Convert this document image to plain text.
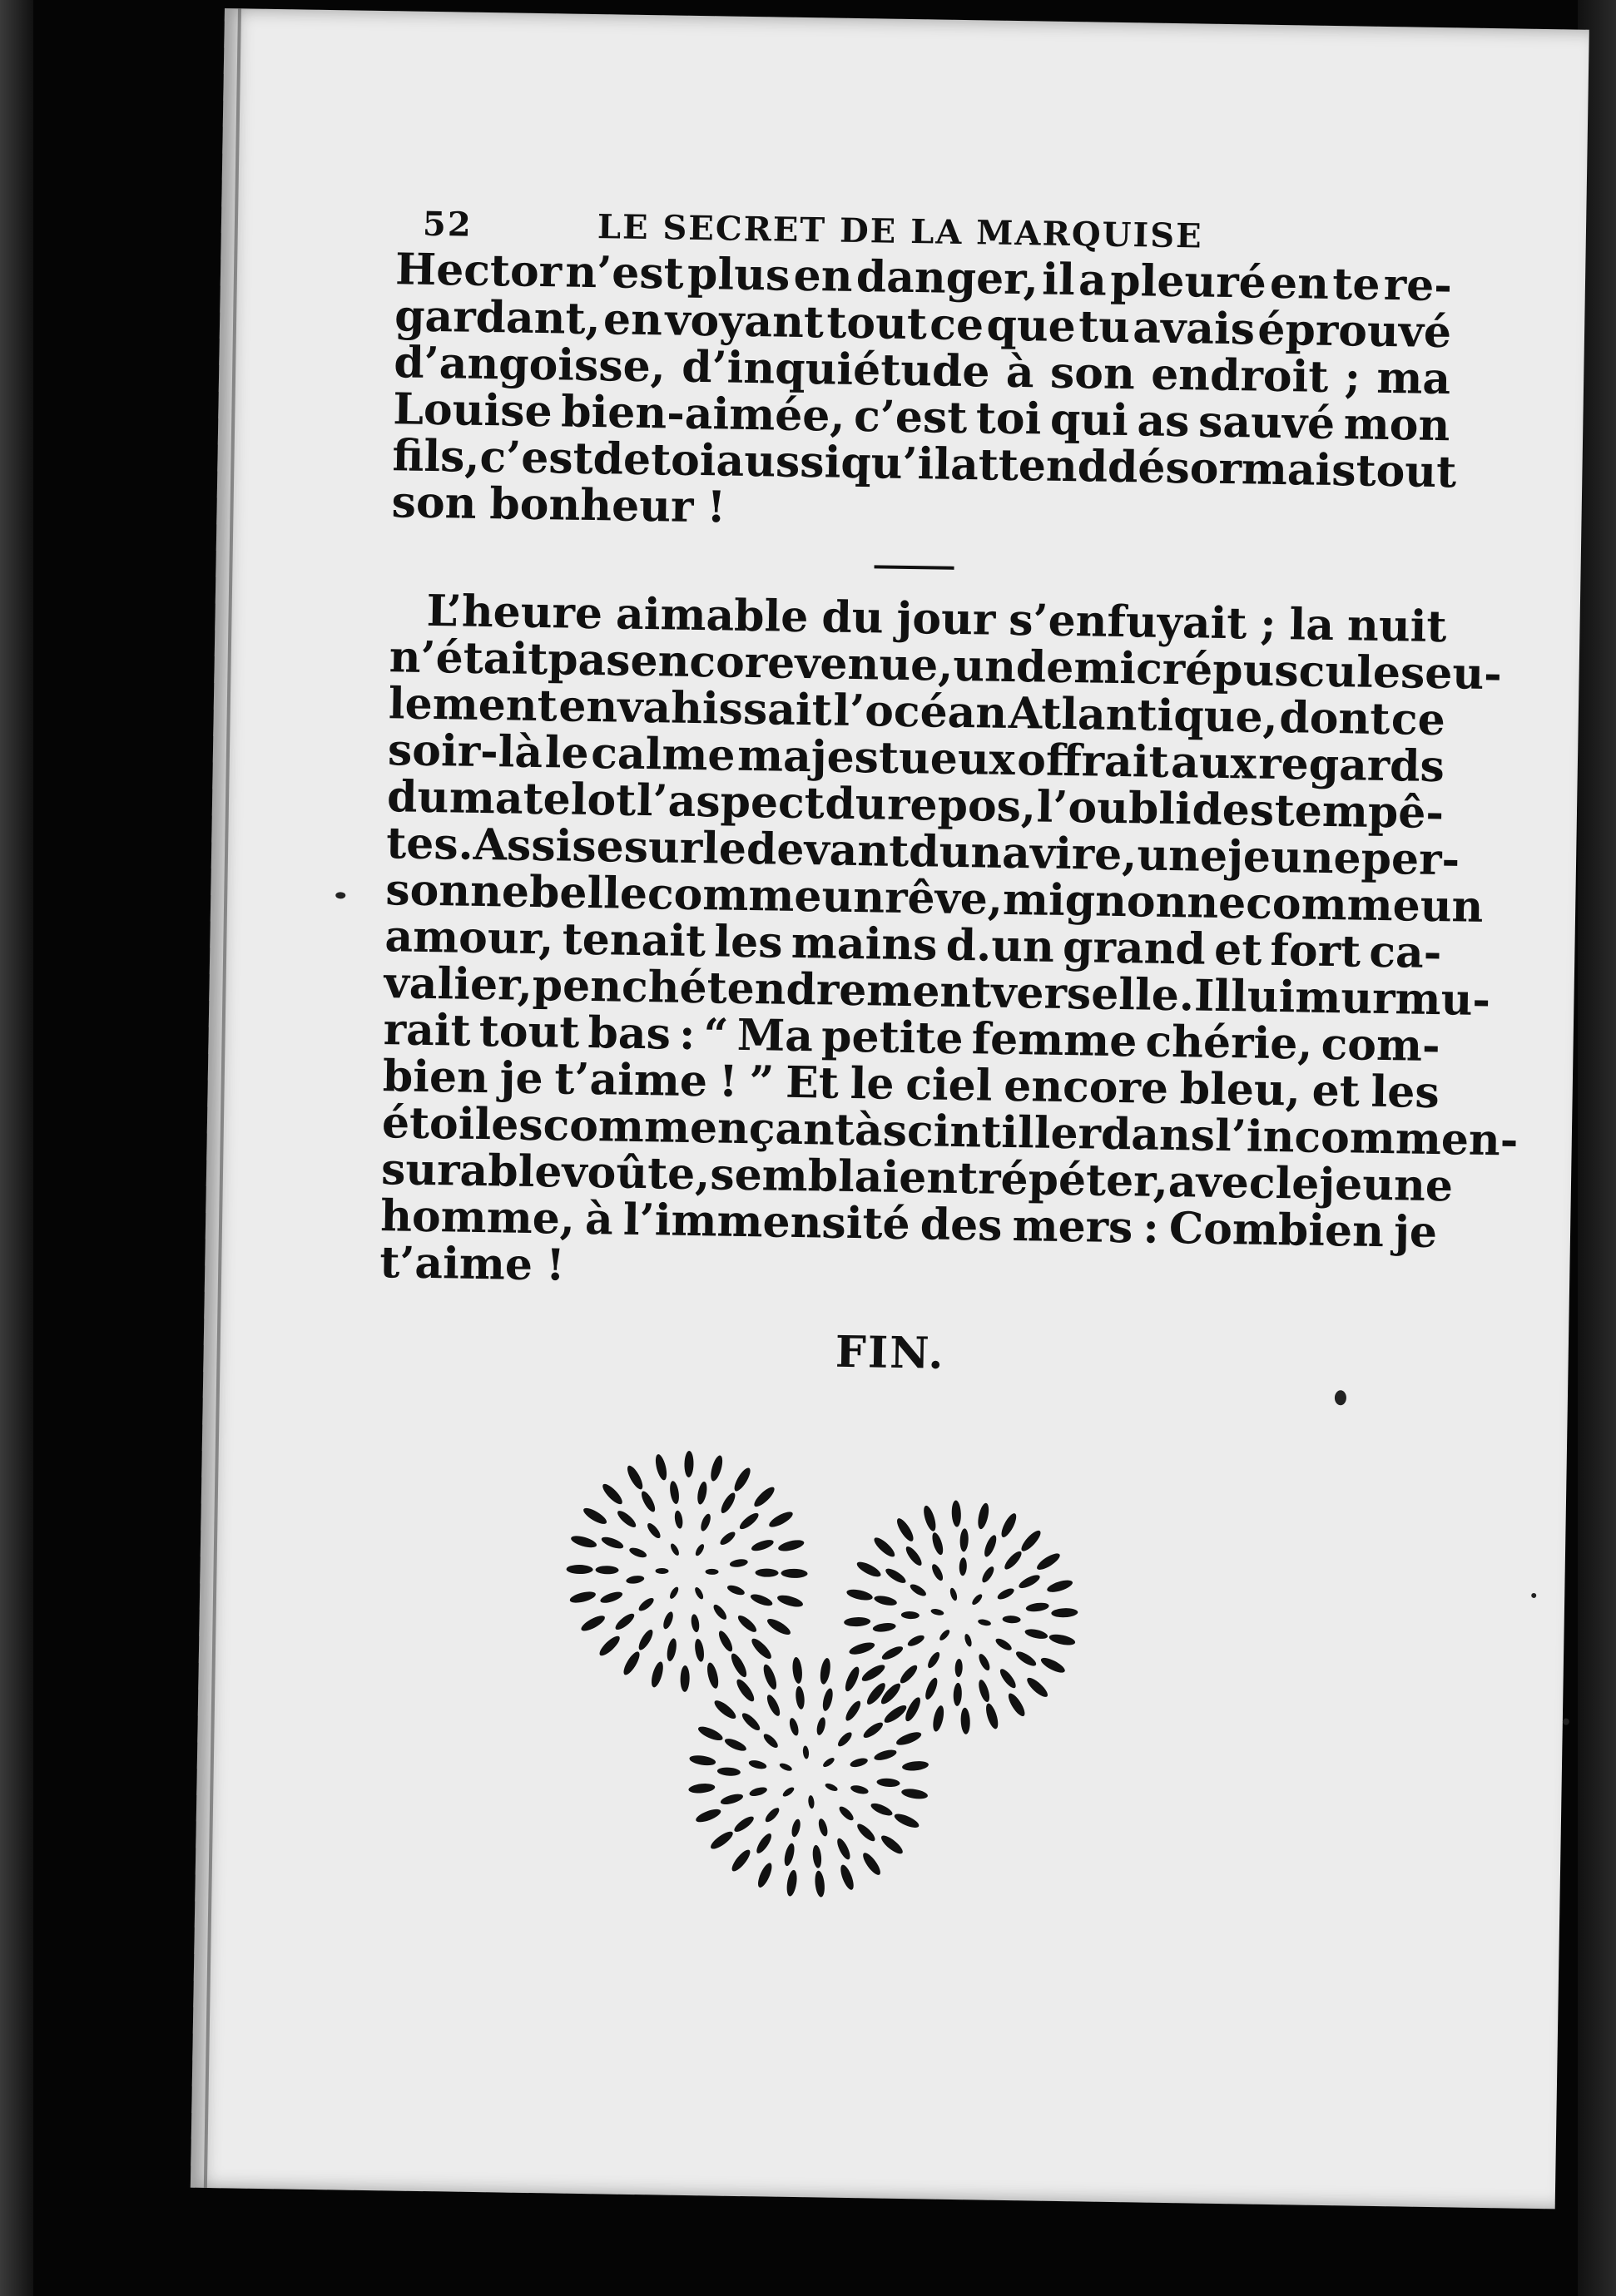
52	LE SECRET DE LA MARQUISE
Hector n’est plus en danger, il a pleuré en te re-
gardant, en voyant tout ce que tu avais éprouvé
d’angoisse, d’inquiétude à son endroit ; ma
Louise bien-aimée, c’est toi qui as sauvé mon
fils, c’est de toi aussi qu’il attend désormais tout
son bonheur !
L’heure aimable du jour s’enfuyait ; la nuit
n’était pas encore venue, un demi crépuscule seu-
lement envahissait l’océan Atlantique, dont ce
soir-là le calme majestueux offrait aux regards
du matelot l’aspect du repos, l’oubli des tempê-
tes. Assise sur le devant du navire, une jeune per-
sonne belle comme un rêve, mignonne comme un
amour, tenait les mains d.un grand et fort ca-
valier, penché tendrement vers elle. Il lui murmu-
rait tout bas : “ Ma petite femme chérie, com-
bien je t’aime ! ” Et le ciel encore bleu, et les
étoiles commençant à scintiller dans l’incommen-
surable voûte, semblaient répéter, avec le jeune
homme, à l’immensité des mers : Combien je
t’aime !
FIN.
